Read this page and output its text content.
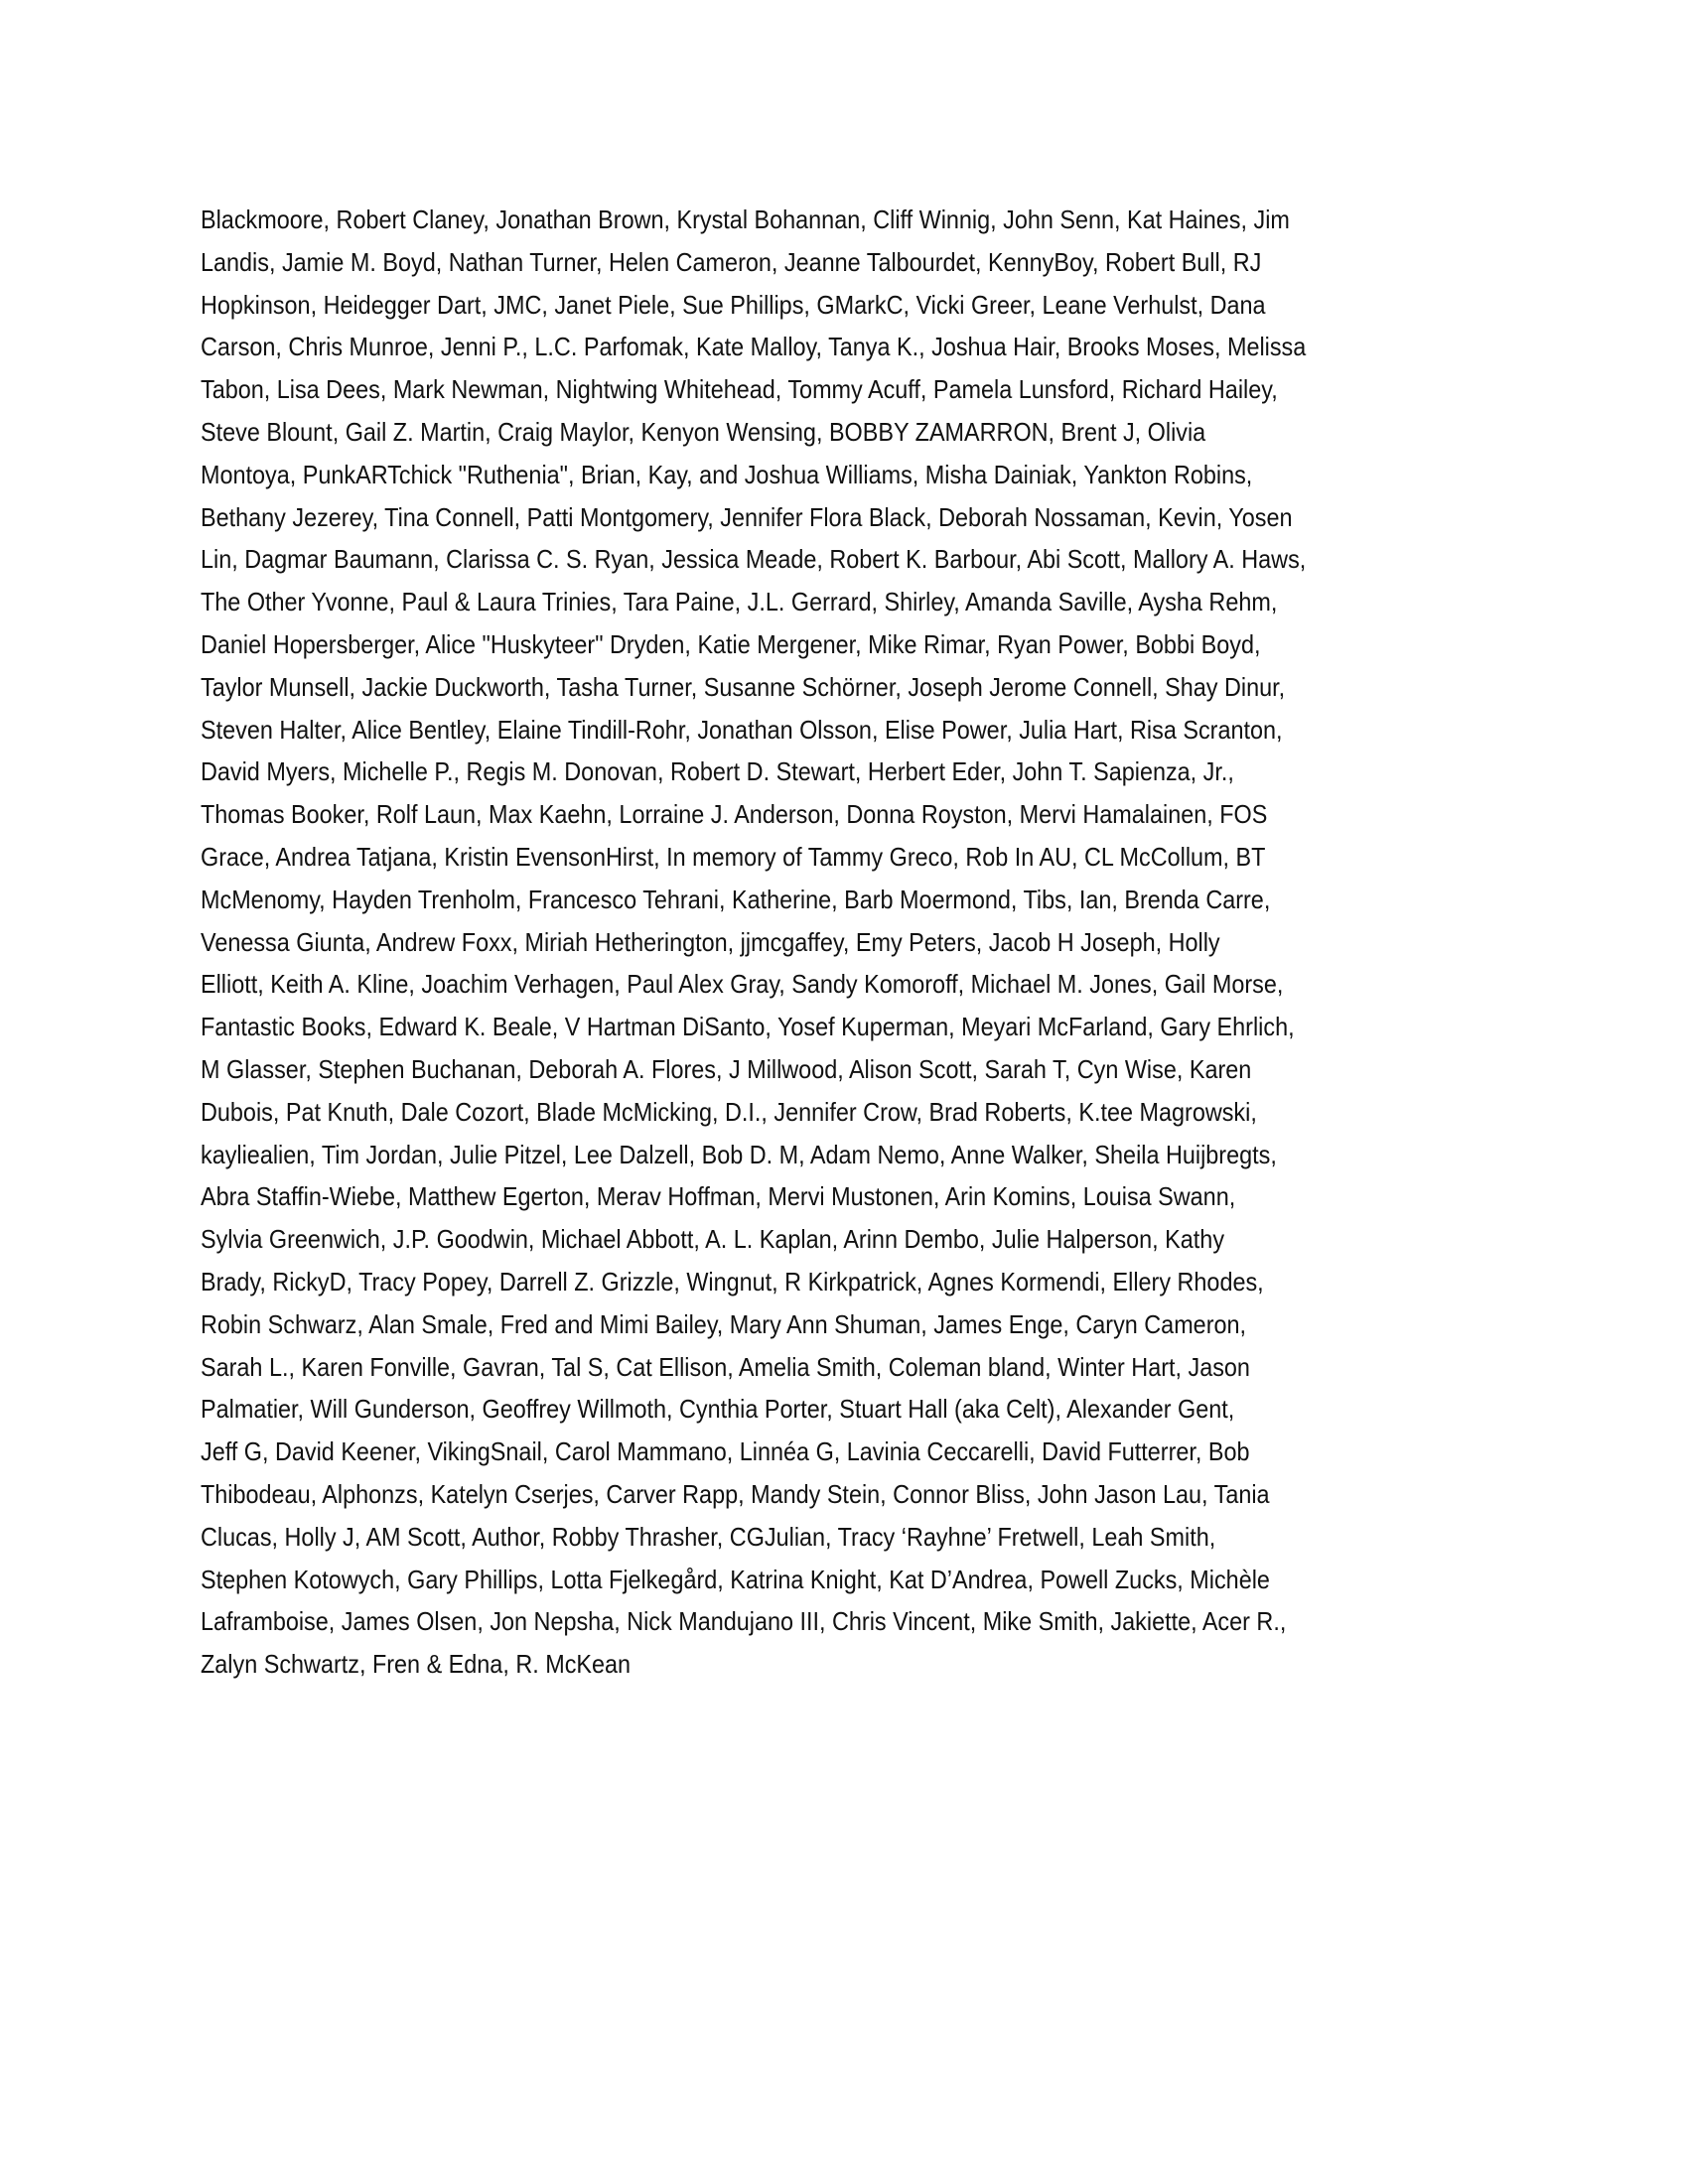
Blackmoore, Robert Claney, Jonathan Brown, Krystal Bohannan, Cliff Winnig, John Senn, Kat Haines, Jim
Landis, Jamie M. Boyd, Nathan Turner, Helen Cameron, Jeanne Talbourdet, KennyBoy, Robert Bull, RJ
Hopkinson, Heidegger Dart, JMC, Janet Piele, Sue Phillips, GMarkC, Vicki Greer, Leane Verhulst, Dana
Carson, Chris Munroe, Jenni P., L.C. Parfomak, Kate Malloy, Tanya K., Joshua Hair, Brooks Moses, Melissa
Tabon, Lisa Dees, Mark Newman, Nightwing Whitehead, Tommy Acuff, Pamela Lunsford, Richard Hailey,
Steve Blount, Gail Z. Martin, Craig Maylor, Kenyon Wensing, BOBBY ZAMARRON, Brent J, Olivia
Montoya, PunkARTchick "Ruthenia", Brian, Kay, and Joshua Williams, Misha Dainiak, Yankton Robins,
Bethany Jezerey, Tina Connell, Patti Montgomery, Jennifer Flora Black, Deborah Nossaman, Kevin, Yosen
Lin, Dagmar Baumann, Clarissa C. S. Ryan, Jessica Meade, Robert K. Barbour, Abi Scott, Mallory A. Haws,
The Other Yvonne, Paul & Laura Trinies, Tara Paine, J.L. Gerrard, Shirley, Amanda Saville, Aysha Rehm,
Daniel Hopersberger, Alice "Huskyteer" Dryden, Katie Mergener, Mike Rimar, Ryan Power, Bobbi Boyd,
Taylor Munsell, Jackie Duckworth, Tasha Turner, Susanne Schörner, Joseph Jerome Connell, Shay Dinur,
Steven Halter, Alice Bentley, Elaine Tindill-Rohr, Jonathan Olsson, Elise Power, Julia Hart, Risa Scranton,
David Myers, Michelle P., Regis M. Donovan, Robert D. Stewart, Herbert Eder, John T. Sapienza, Jr.,
Thomas Booker, Rolf Laun, Max Kaehn, Lorraine J. Anderson, Donna Royston, Mervi Hamalainen, FOS
Grace, Andrea Tatjana, Kristin EvensonHirst, In memory of Tammy Greco, Rob In AU, CL McCollum, BT
McMenomy, Hayden Trenholm, Francesco Tehrani, Katherine, Barb Moermond, Tibs, Ian, Brenda Carre,
Venessa Giunta, Andrew Foxx, Miriah Hetherington, jjmcgaffey, Emy Peters, Jacob H Joseph, Holly
Elliott, Keith A. Kline, Joachim Verhagen, Paul Alex Gray, Sandy Komoroff, Michael M. Jones, Gail Morse,
Fantastic Books, Edward K. Beale, V Hartman DiSanto, Yosef Kuperman, Meyari McFarland, Gary Ehrlich,
M Glasser, Stephen Buchanan, Deborah A. Flores, J Millwood, Alison Scott, Sarah T, Cyn Wise, Karen
Dubois, Pat Knuth, Dale Cozort, Blade McMicking, D.I., Jennifer Crow, Brad Roberts, K.tee Magrowski,
kayliealien, Tim Jordan, Julie Pitzel, Lee Dalzell, Bob D. M, Adam Nemo, Anne Walker, Sheila Huijbregts,
Abra Staffin-Wiebe, Matthew Egerton, Merav Hoffman, Mervi Mustonen, Arin Komins, Louisa Swann,
Sylvia Greenwich, J.P. Goodwin, Michael Abbott, A. L. Kaplan, Arinn Dembo, Julie Halperson, Kathy
Brady, RickyD, Tracy Popey, Darrell Z. Grizzle, Wingnut, R Kirkpatrick, Agnes Kormendi, Ellery Rhodes,
Robin Schwarz, Alan Smale, Fred and Mimi Bailey, Mary Ann Shuman, James Enge, Caryn Cameron,
Sarah L., Karen Fonville, Gavran, Tal S, Cat Ellison, Amelia Smith, Coleman bland, Winter Hart, Jason
Palmatier, Will Gunderson, Geoffrey Willmoth, Cynthia Porter, Stuart Hall (aka Celt), Alexander Gent,
Jeff G, David Keener, VikingSnail, Carol Mammano, Linnéa G, Lavinia Ceccarelli, David Futterrer, Bob
Thibodeau, Alphonzs, Katelyn Cserjes, Carver Rapp, Mandy Stein, Connor Bliss, John Jason Lau, Tania
Clucas, Holly J, AM Scott, Author, Robby Thrasher, CGJulian, Tracy ‘Rayhne’ Fretwell, Leah Smith,
Stephen Kotowych, Gary Phillips, Lotta Fjelkegård, Katrina Knight, Kat D’Andrea, Powell Zucks, Michèle
Laframboise, James Olsen, Jon Nepsha, Nick Mandujano III, Chris Vincent, Mike Smith, Jakiette, Acer R.,
Zalyn Schwartz, Fren & Edna, R. McKean
